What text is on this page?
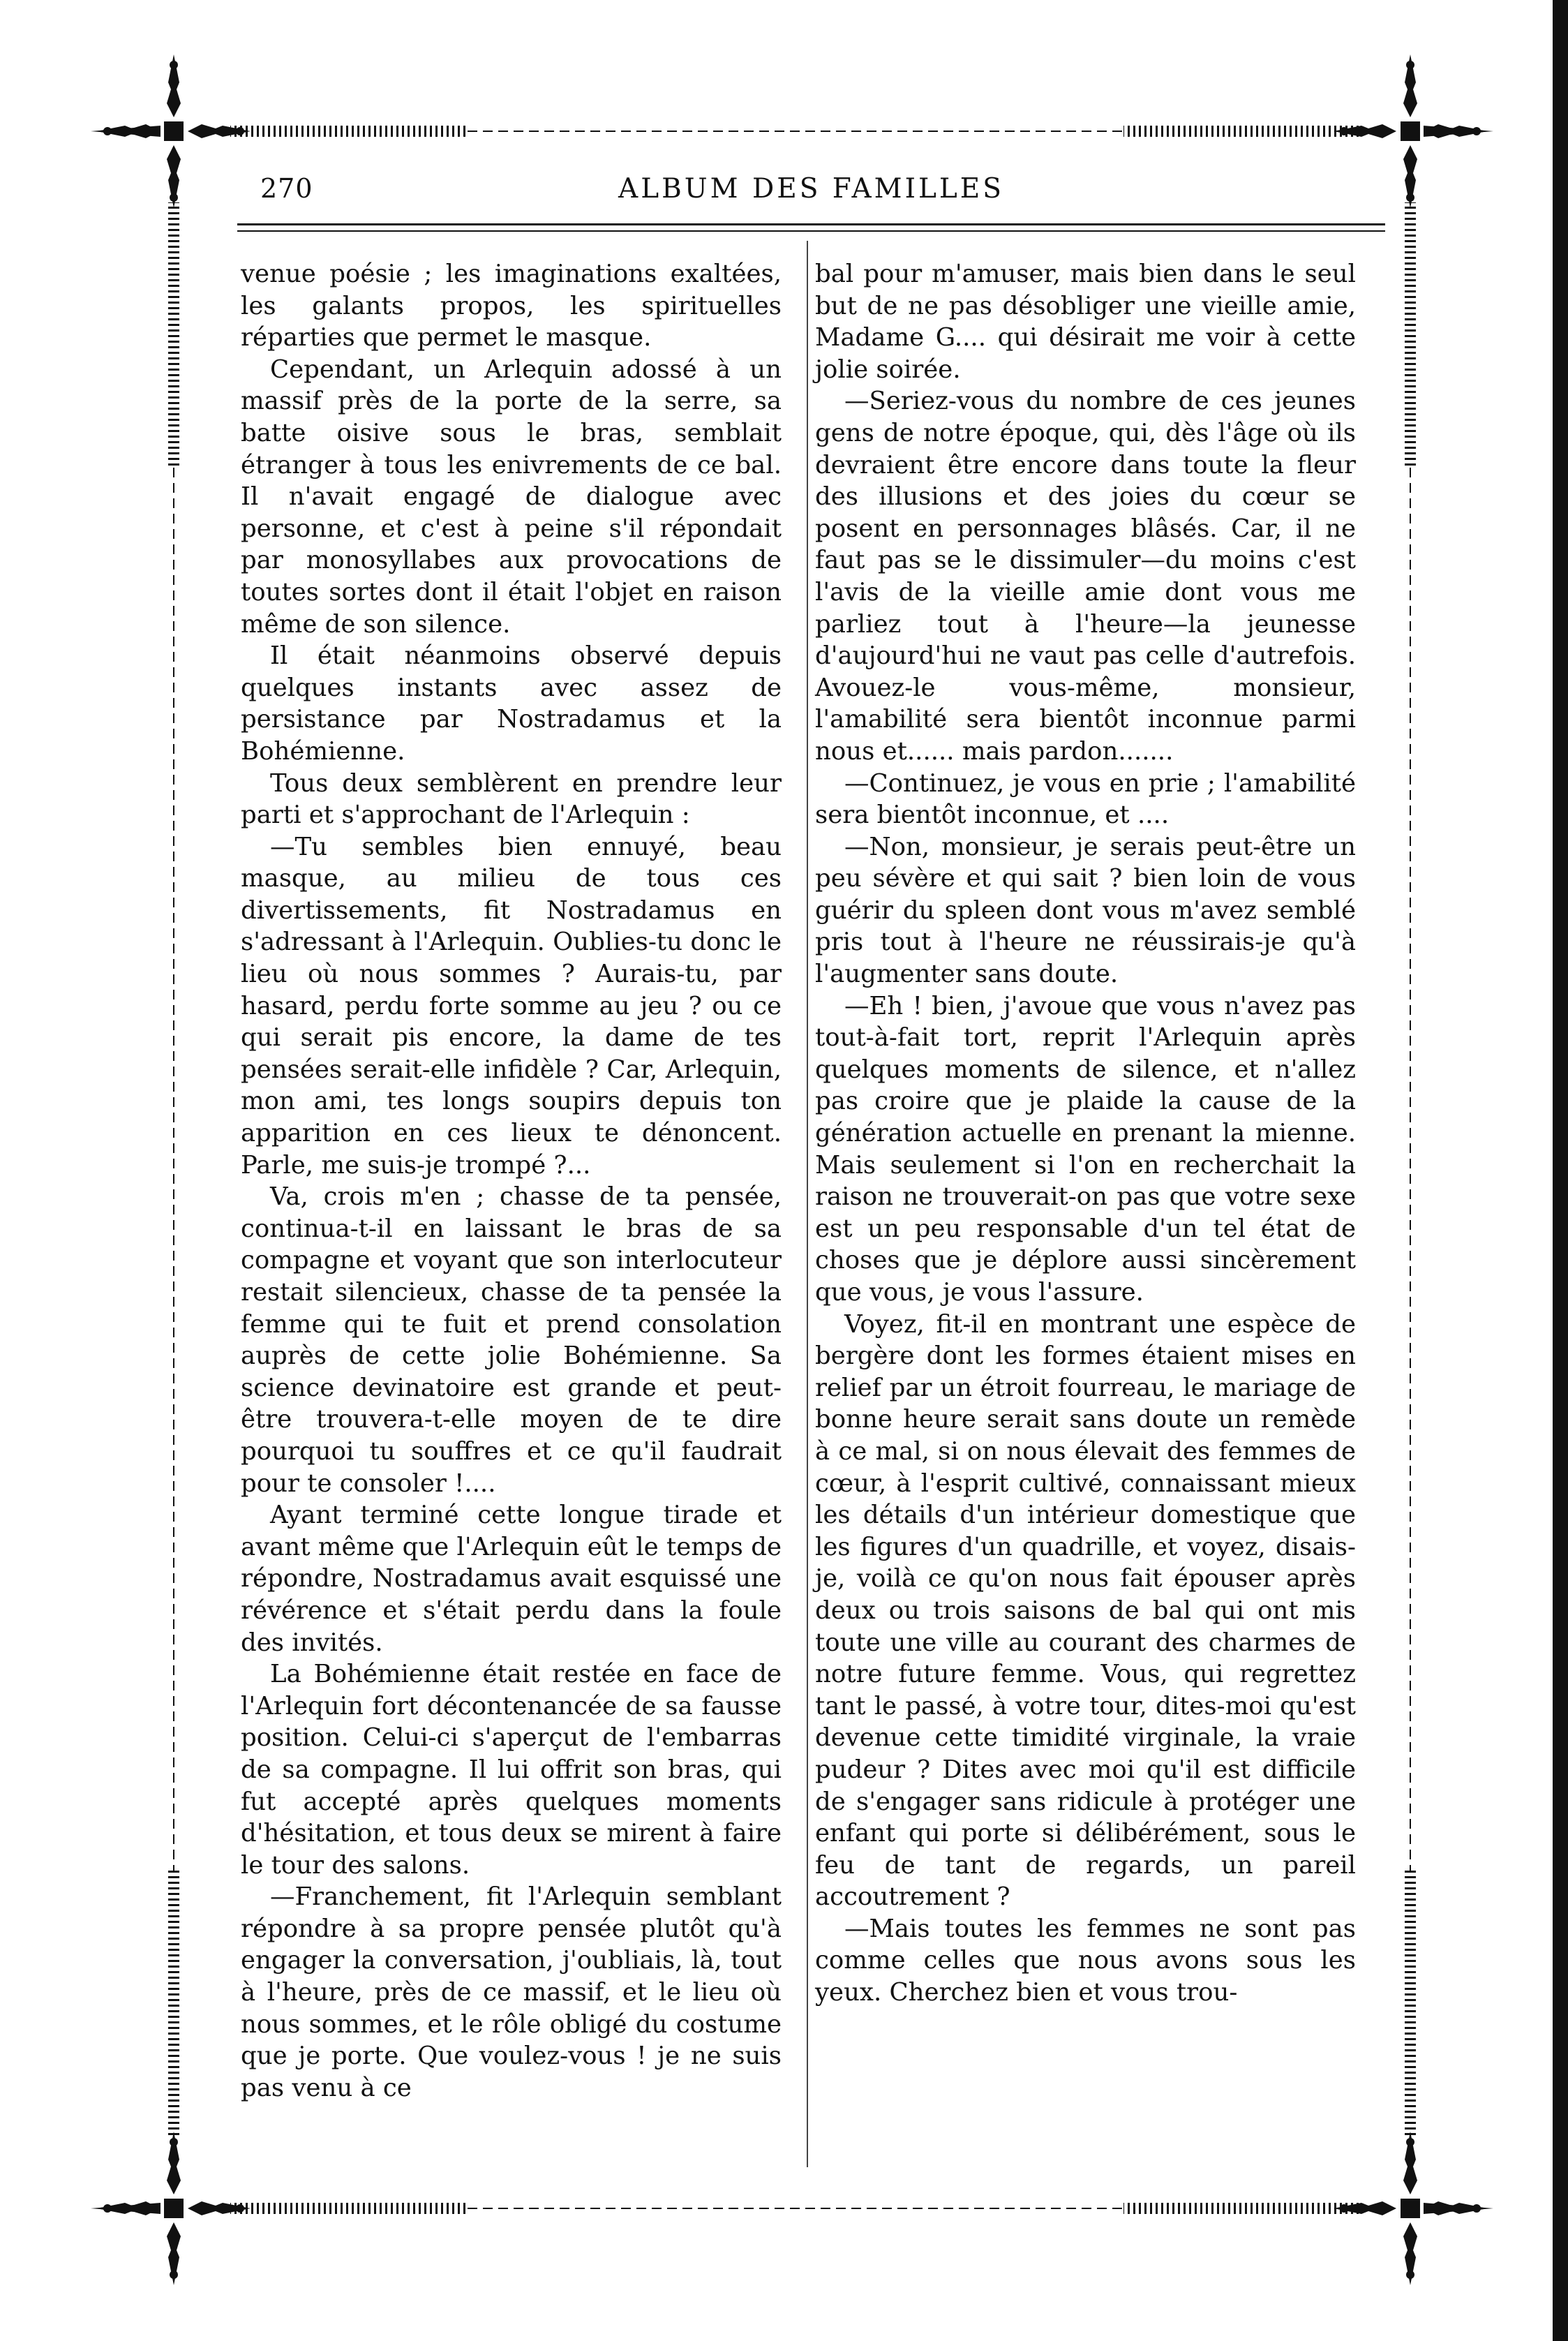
270	ALBUM DES FAMILLES

venue poésie ; les imaginations exaltées, les galants propos, les spirituelles réparties que permet le masque.

Cependant, un Arlequin adossé à un massif près de la porte de la serre, sa batte oisive sous le bras, semblait étranger à tous les enivrements de ce bal. Il n'avait engagé de dialogue avec personne, et c'est à peine s'il répondait par monosyllabes aux provocations de toutes sortes dont il était l'objet en raison même de son silence.

Il était néanmoins observé depuis quelques instants avec assez de persistance par Nostradamus et la Bohémienne.

Tous deux semblèrent en prendre leur parti et s'approchant de l'Arlequin :

—Tu sembles bien ennuyé, beau masque, au milieu de tous ces divertissements, fit Nostradamus en s'adressant à l'Arlequin. Oublies-tu donc le lieu où nous sommes ? Aurais-tu, par hasard, perdu forte somme au jeu ? ou ce qui serait pis encore, la dame de tes pensées serait-elle infidèle ? Car, Arlequin, mon ami, tes longs soupirs depuis ton apparition en ces lieux te dénoncent. Parle, me suis-je trompé ?...

Va, crois m'en ; chasse de ta pensée, continua-t-il en laissant le bras de sa compagne et voyant que son interlocuteur restait silencieux, chasse de ta pensée la femme qui te fuit et prend consolation auprès de cette jolie Bohémienne. Sa science devinatoire est grande et peut-être trouvera-t-elle moyen de te dire pourquoi tu souffres et ce qu'il faudrait pour te consoler !....

Ayant terminé cette longue tirade et avant même que l'Arlequin eût le temps de répondre, Nostradamus avait esquissé une révérence et s'était perdu dans la foule des invités.

La Bohémienne était restée en face de l'Arlequin fort décontenancée de sa fausse position. Celui-ci s'aperçut de l'embarras de sa compagne. Il lui offrit son bras, qui fut accepté après quelques moments d'hésitation, et tous deux se mirent à faire le tour des salons.

—Franchement, fit l'Arlequin semblant répondre à sa propre pensée plutôt qu'à engager la conversation, j'oubliais, là, tout à l'heure, près de ce massif, et le lieu où nous sommes, et le rôle obligé du costume que je porte. Que voulez-vous ! je ne suis pas venu à ce

bal pour m'amuser, mais bien dans le seul but de ne pas désobliger une vieille amie, Madame G.... qui désirait me voir à cette jolie soirée.

—Seriez-vous du nombre de ces jeunes gens de notre époque, qui, dès l'âge où ils devraient être encore dans toute la fleur des illusions et des joies du cœur se posent en personnages blâsés. Car, il ne faut pas se le dissimuler—du moins c'est l'avis de la vieille amie dont vous me parliez tout à l'heure—la jeunesse d'aujourd'hui ne vaut pas celle d'autrefois. Avouez-le vous-même, monsieur, l'amabilité sera bientôt inconnue parmi nous et...... mais pardon.......

—Continuez, je vous en prie ; l'amabilité sera bientôt inconnue, et ....

—Non, monsieur, je serais peut-être un peu sévère et qui sait ? bien loin de vous guérir du spleen dont vous m'avez semblé pris tout à l'heure ne réussirais-je qu'à l'augmenter sans doute.

—Eh ! bien, j'avoue que vous n'avez pas tout-à-fait tort, reprit l'Arlequin après quelques moments de silence, et n'allez pas croire que je plaide la cause de la génération actuelle en prenant la mienne. Mais seulement si l'on en recherchait la raison ne trouverait-on pas que votre sexe est un peu responsable d'un tel état de choses que je déplore aussi sincèrement que vous, je vous l'assure.

Voyez, fit-il en montrant une espèce de bergère dont les formes étaient mises en relief par un étroit fourreau, le mariage de bonne heure serait sans doute un remède à ce mal, si on nous élevait des femmes de cœur, à l'esprit cultivé, connaissant mieux les détails d'un intérieur domestique que les figures d'un quadrille, et voyez, disais-je, voilà ce qu'on nous fait épouser après deux ou trois saisons de bal qui ont mis toute une ville au courant des charmes de notre future femme. Vous, qui regrettez tant le passé, à votre tour, dites-moi qu'est devenue cette timidité virginale, la vraie pudeur ? Dites avec moi qu'il est difficile de s'engager sans ridicule à protéger une enfant qui porte si délibérément, sous le feu de tant de regards, un pareil accoutrement ?

—Mais toutes les femmes ne sont pas comme celles que nous avons sous les yeux. Cherchez bien et vous trou-
